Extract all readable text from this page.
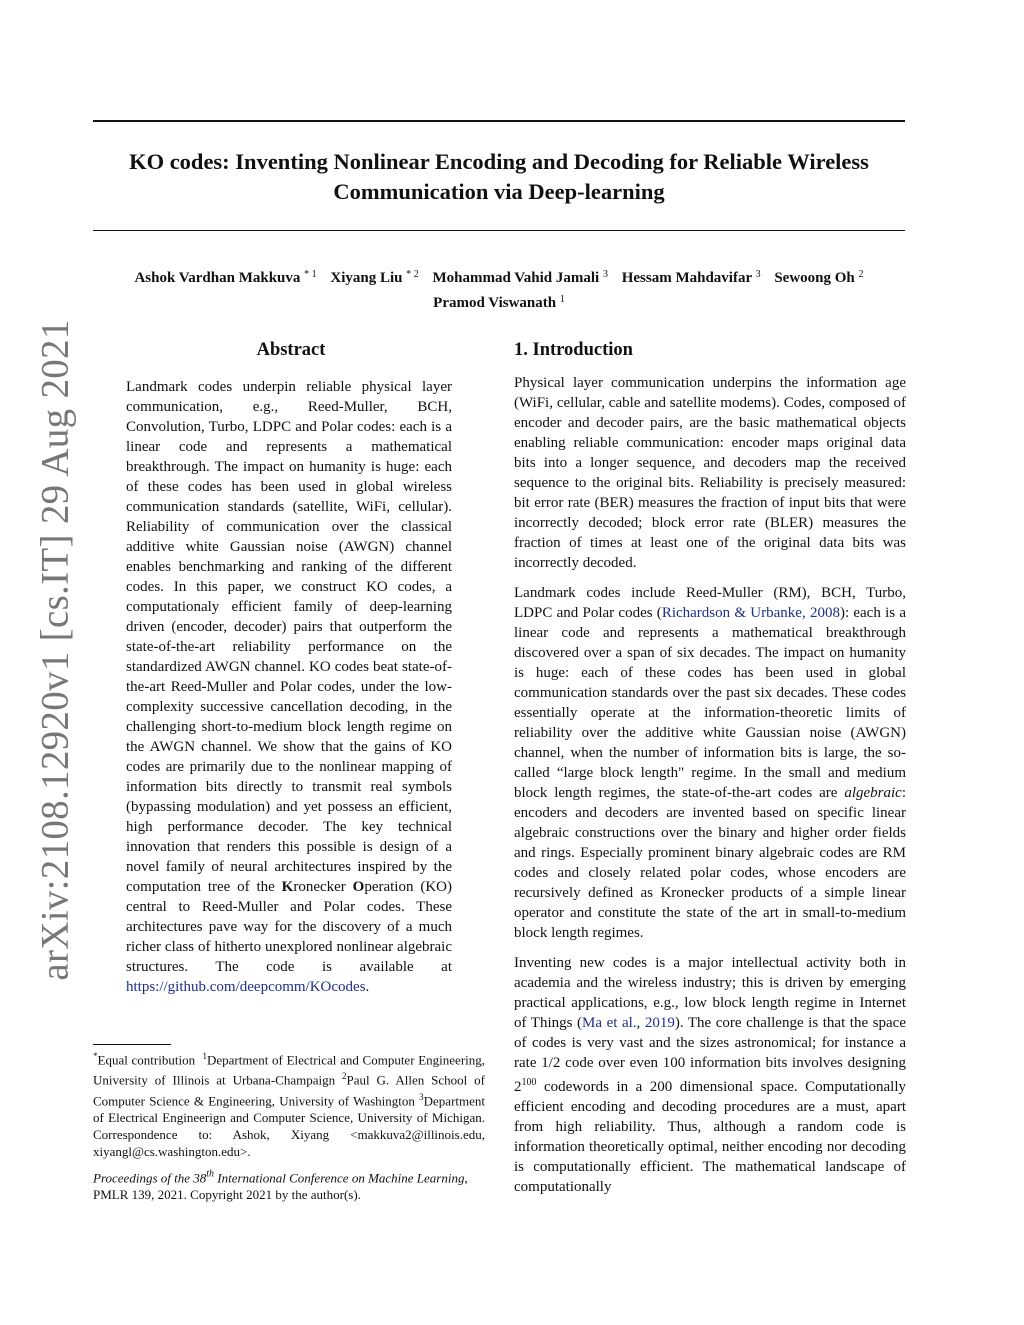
KO codes: Inventing Nonlinear Encoding and Decoding for Reliable Wireless Communication via Deep-learning
Ashok Vardhan Makkuva $^{* 1}$ Xiyang Liu $^{* 2}$ Mohammad Vahid Jamali $^3$ Hessam Mahdavifar $^3$ Sewoong Oh $^2$
Pramod Viswanath $^1$
arXiv:2108.12920v1 [cs.IT] 29 Aug 2021	Abstract
Landmark codes underpin reliable physical layer communication, e.g., Reed-Muller, BCH, Convolution, Turbo, LDPC and Polar codes: each is a linear code and represents a mathematical breakthrough. The impact on humanity is huge: each of these codes has been used in global wireless communication standards (satellite, WiFi, cellular). Reliability of communication over the classical additive white Gaussian noise (AWGN) channel enables benchmarking and ranking of the different codes. In this paper, we construct KO codes, a computationaly efficient family of deep-learning driven (encoder, decoder) pairs that outperform the state-of-the-art reliability performance on the standardized AWGN channel. KO codes beat state-of-the-art Reed-Muller and Polar codes, under the low-complexity successive cancellation decoding, in the challenging short-to-medium block length regime on the AWGN channel. We show that the gains of KO codes are primarily due to the nonlinear mapping of information bits directly to transmit real symbols (bypassing modulation) and yet possess an efficient, high performance decoder. The key technical innovation that renders this possible is design of a novel family of neural architectures inspired by the computation tree of the Kronecker Operation (KO) central to Reed-Muller and Polar codes. These architectures pave way for the discovery of a much richer class of hitherto unexplored nonlinear algebraic structures. The code is available at https://github.com/deepcomm/KOcodes.
*Equal contribution $^1$Department of Electrical and Computer Engineering, University of Illinois at Urbana-Champaign $^2$Paul G. Allen School of Computer Science & Engineering, University of Washington $^3$Department of Electrical Engineerign and Computer Science, University of Michigan. Correspondence to: Ashok, Xiyang <makkuva2@illinois.edu, xiyangl@cs.washington.edu>.
Proceedings of the 38th International Conference on Machine Learning, PMLR 139, 2021. Copyright 2021 by the author(s).
1. Introduction

Physical layer communication underpins the information age (WiFi, cellular, cable and satellite modems). Codes, composed of encoder and decoder pairs, are the basic mathematical objects enabling reliable communication: encoder maps original data bits into a longer sequence, and decoders map the received sequence to the original bits. Reliability is precisely measured: bit error rate (BER) measures the fraction of input bits that were incorrectly decoded; block error rate (BLER) measures the fraction of times at least one of the original data bits was incorrectly decoded.

Landmark codes include Reed-Muller (RM), BCH, Turbo, LDPC and Polar codes (Richardson & Urbanke, 2008): each is a linear code and represents a mathematical breakthrough discovered over a span of six decades. The impact on humanity is huge: each of these codes has been used in global communication standards over the past six decades. These codes essentially operate at the information-theoretic limits of reliability over the additive white Gaussian noise (AWGN) channel, when the number of information bits is large, the so-called “large block length" regime. In the small and medium block length regimes, the state-of-the-art codes are algebraic: encoders and decoders are invented based on specific linear algebraic constructions over the binary and higher order fields and rings. Especially prominent binary algebraic codes are RM codes and closely related polar codes, whose encoders are recursively defined as Kronecker products of a simple linear operator and constitute the state of the art in small-to-medium block length regimes.

Inventing new codes is a major intellectual activity both in academia and the wireless industry; this is driven by emerging practical applications, e.g., low block length regime in Internet of Things (Ma et al., 2019). The core challenge is that the space of codes is very vast and the sizes astronomical; for instance a rate 1/2 code over even 100 information bits involves designing $2^{100}$ codewords in a 200 dimensional space. Computationally efficient encoding and decoding procedures are a must, apart from high reliability. Thus, although a random code is information theoretically optimal, neither encoding nor decoding is computationally efficient. The mathematical landscape of computationally
